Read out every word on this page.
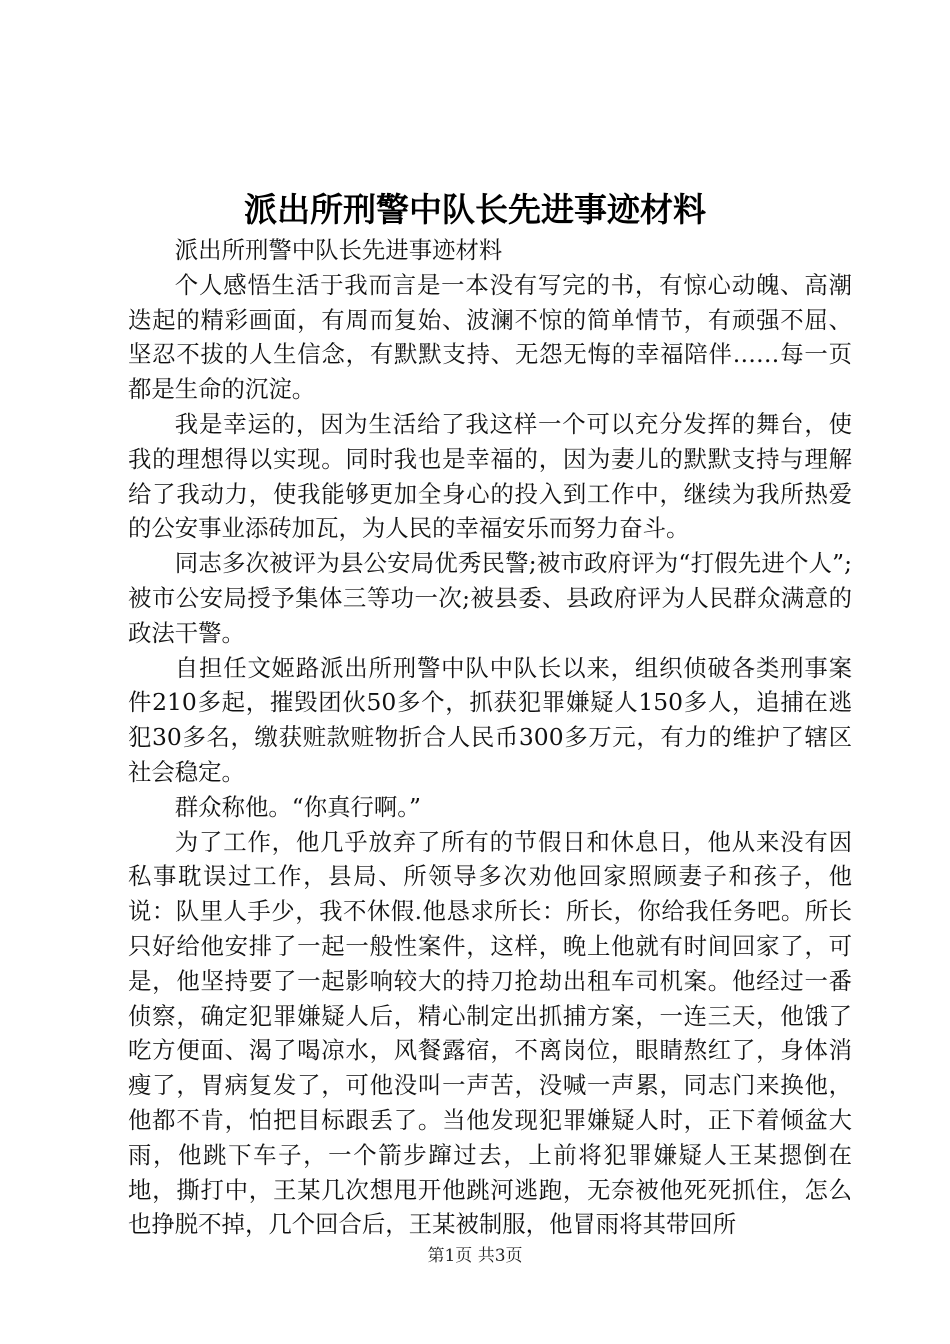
派出所刑警中队长先进事迹材料

派出所刑警中队长先进事迹材料

个人感悟生活于我而言是一本没有写完的书，有惊心动魄、高潮迭起的精彩画面，有周而复始、波澜不惊的简单情节，有顽强不屈、坚忍不拔的人生信念，有默默支持、无怨无悔的幸福陪伴……每一页都是生命的沉淀。

我是幸运的，因为生活给了我这样一个可以充分发挥的舞台，使我的理想得以实现。同时我也是幸福的，因为妻儿的默默支持与理解给了我动力，使我能够更加全身心的投入到工作中，继续为我所热爱的公安事业添砖加瓦，为人民的幸福安乐而努力奋斗。

同志多次被评为县公安局优秀民警;被市政府评为“打假先进个人”;被市公安局授予集体三等功一次;被县委、县政府评为人民群众满意的政法干警。

自担任文姬路派出所刑警中队中队长以来，组织侦破各类刑事案件210多起，摧毁团伙50多个，抓获犯罪嫌疑人150多人，追捕在逃犯30多名，缴获赃款赃物折合人民币300多万元，有力的维护了辖区社会稳定。

群众称他。“你真行啊。”

为了工作，他几乎放弃了所有的节假日和休息日，他从来没有因私事耽误过工作，县局、所领导多次劝他回家照顾妻子和孩子，他说：队里人手少，我不休假.他恳求所长：所长，你给我任务吧。所长只好给他安排了一起一般性案件，这样，晚上他就有时间回家了，可是，他坚持要了一起影响较大的持刀抢劫出租车司机案。他经过一番侦察，确定犯罪嫌疑人后，精心制定出抓捕方案，一连三天，他饿了吃方便面、渴了喝凉水，风餐露宿，不离岗位，眼睛熬红了，身体消瘦了，胃病复发了，可他没叫一声苦，没喊一声累，同志门来换他，他都不肯，怕把目标跟丢了。当他发现犯罪嫌疑人时，正下着倾盆大雨，他跳下车子，一个箭步蹿过去，上前将犯罪嫌疑人王某摁倒在地，撕打中，王某几次想甩开他跳河逃跑，无奈被他死死抓住，怎么也挣脱不掉，几个回合后，王某被制服，他冒雨将其带回所

第1页 共3页
